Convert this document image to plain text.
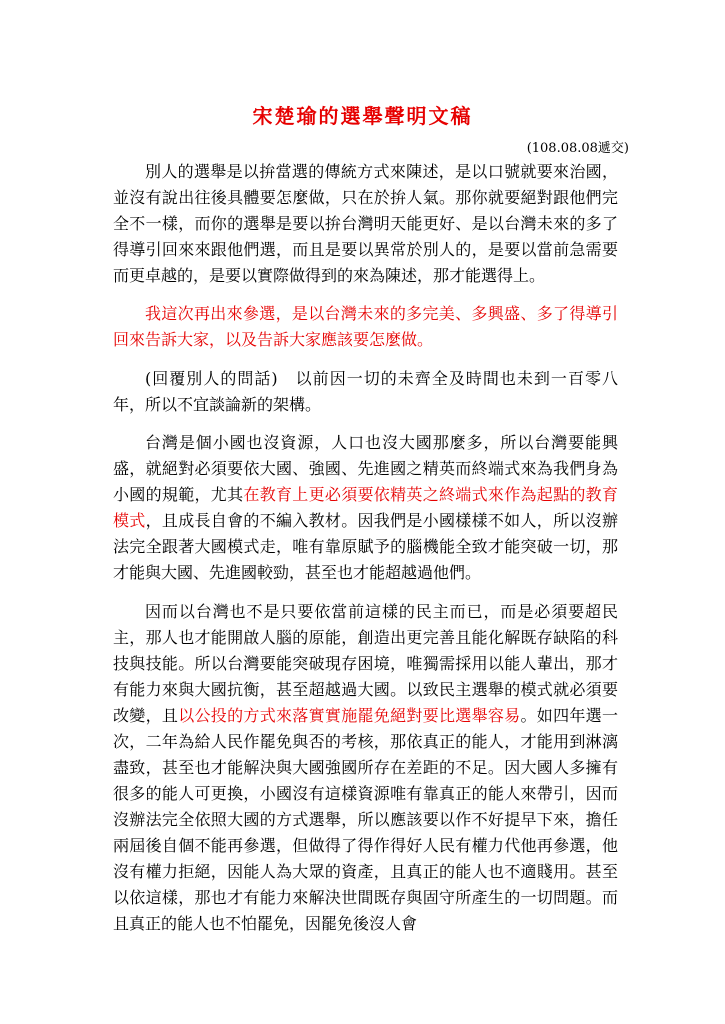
宋楚瑜的選舉聲明文稿
(108.08.08遞交)

別人的選舉是以拚當選的傳統方式來陳述，是以口號就要來治國，並沒有說出往後具體要怎麼做，只在於拚人氣。那你就要絕對跟他們完全不一樣，而你的選舉是要以拚台灣明天能更好、是以台灣未來的多了得導引回來來跟他們選，而且是要以異常於別人的，是要以當前急需要而更卓越的，是要以實際做得到的來為陳述，那才能選得上。

我這次再出來參選，是以台灣未來的多完美、多興盛、多了得導引回來告訴大家，以及告訴大家應該要怎麼做。

(回覆別人的問話)　以前因一切的未齊全及時間也未到一百零八年，所以不宜談論新的架構。

台灣是個小國也沒資源，人口也沒大國那麼多，所以台灣要能興盛，就絕對必須要依大國、強國、先進國之精英而終端式來為我們身為小國的規範，尤其在教育上更必須要依精英之終端式來作為起點的教育模式，且成長自會的不編入教材。因我們是小國樣樣不如人，所以沒辦法完全跟著大國模式走，唯有靠原賦予的腦機能全致才能突破一切，那才能與大國、先進國較勁，甚至也才能超越過他們。

因而以台灣也不是只要依當前這樣的民主而已，而是必須要超民主，那人也才能開啟人腦的原能，創造出更完善且能化解既存缺陷的科技與技能。所以台灣要能突破現存困境，唯獨需採用以能人輩出，那才有能力來與大國抗衡，甚至超越過大國。以致民主選舉的模式就必須要改變，且以公投的方式來落實實施罷免絕對要比選舉容易。如四年選一次，二年為給人民作罷免與否的考核，那依真正的能人，才能用到淋漓盡致，甚至也才能解決與大國強國所存在差距的不足。因大國人多擁有很多的能人可更換，小國沒有這樣資源唯有靠真正的能人來帶引，因而沒辦法完全依照大國的方式選舉，所以應該要以作不好提早下來，擔任兩屆後自個不能再參選，但做得了得作得好人民有權力代他再參選，他沒有權力拒絕，因能人為大眾的資產，且真正的能人也不適賤用。甚至以依這樣，那也才有能力來解決世間既存與固守所產生的一切問題。而且真正的能人也不怕罷免，因罷免後沒人會
